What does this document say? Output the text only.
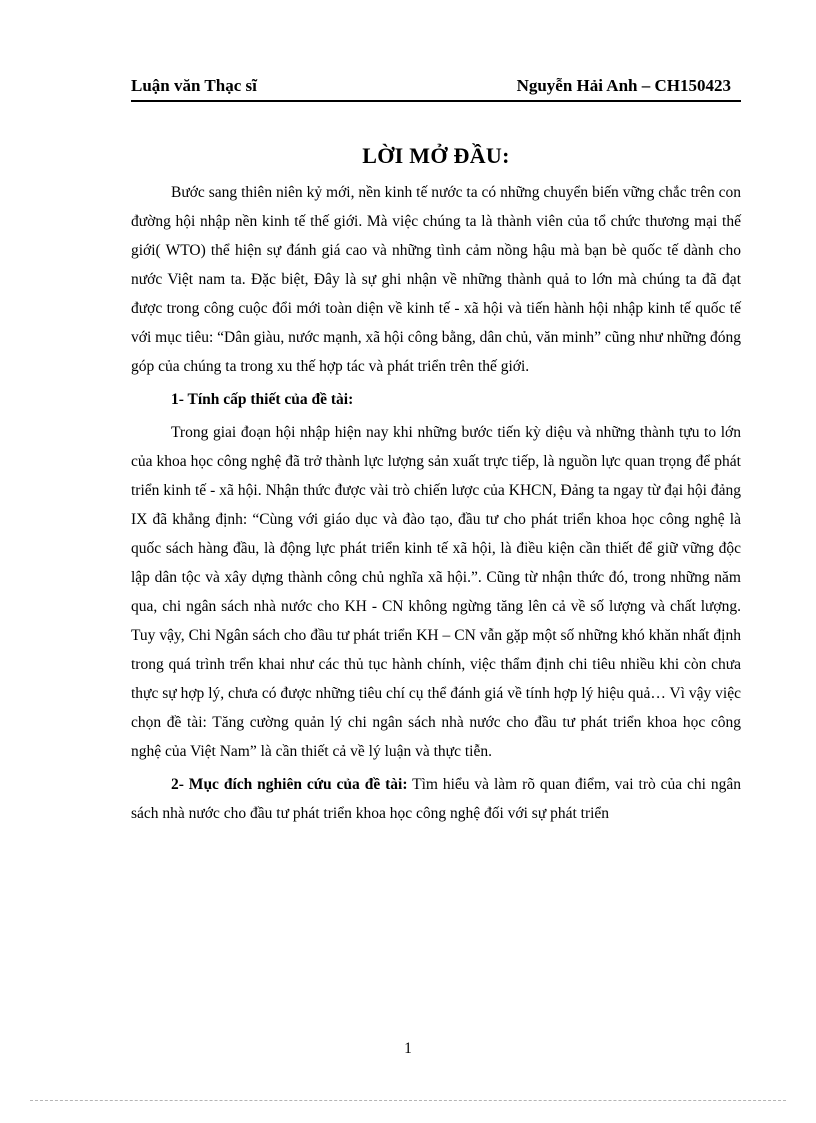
Luận văn Thạc sĩ	Nguyễn Hải Anh – CH150423
LỜI MỞ ĐẦU:

Bước sang thiên niên kỷ mới, nền kinh tế nước ta có những chuyển biến vững chắc trên con đường hội nhập nền kinh tế thế giới. Mà việc chúng ta là thành viên của tổ chức thương mại thế giới( WTO) thể hiện sự đánh giá cao và những tình cảm nồng hậu mà bạn bè quốc tế dành cho nước Việt nam ta. Đặc biệt, Đây là sự ghi nhận về những thành quả to lớn mà chúng ta đã đạt được trong công cuộc đổi mới toàn diện về kinh tế - xã hội và tiến hành hội nhập kinh tế quốc tế với mục tiêu: “Dân giàu, nước mạnh, xã hội công bằng, dân chủ, văn minh” cũng như những đóng góp của chúng ta trong xu thế hợp tác và phát triển trên thế giới.

1- Tính cấp thiết của đề tài:

Trong giai đoạn hội nhập hiện nay khi những bước tiến kỳ diệu và những thành tựu to lớn của khoa học công nghệ đã trở thành lực lượng sản xuất trực tiếp, là nguồn lực quan trọng để phát triển kinh tế - xã hội. Nhận thức được vài trò chiến lược của KHCN, Đảng ta ngay từ đại hội đảng IX đã khẳng định: “Cùng với giáo dục và đào tạo, đầu tư cho phát triển khoa học công nghệ là quốc sách hàng đầu, là động lực phát triển kinh tế xã hội, là điều kiện cần thiết để giữ vững độc lập dân tộc và xây dựng thành công chủ nghĩa xã hội.”. Cũng từ nhận thức đó, trong những năm qua, chi ngân sách nhà nước cho KH - CN không ngừng tăng lên cả về số lượng và chất lượng. Tuy vậy, Chi Ngân sách cho đầu tư phát triển KH – CN vẫn gặp một số những khó khăn nhất định trong quá trình trển khai như các thủ tục hành chính, việc thẩm định chi tiêu nhiều khi còn chưa thực sự hợp lý, chưa có được những tiêu chí cụ thể đánh giá về tính hợp lý hiệu quả… Vì vậy việc chọn đề tài: Tăng cường quản lý chi ngân sách nhà nước cho đầu tư phát triển khoa học công nghệ của Việt Nam” là cần thiết cả về lý luận và thực tiễn.

2- Mục đích nghiên cứu của đề tài: Tìm hiểu và làm rõ quan điểm, vai trò của chi ngân sách nhà nước cho đầu tư phát triển khoa học công nghệ đối với sự phát triển

1
